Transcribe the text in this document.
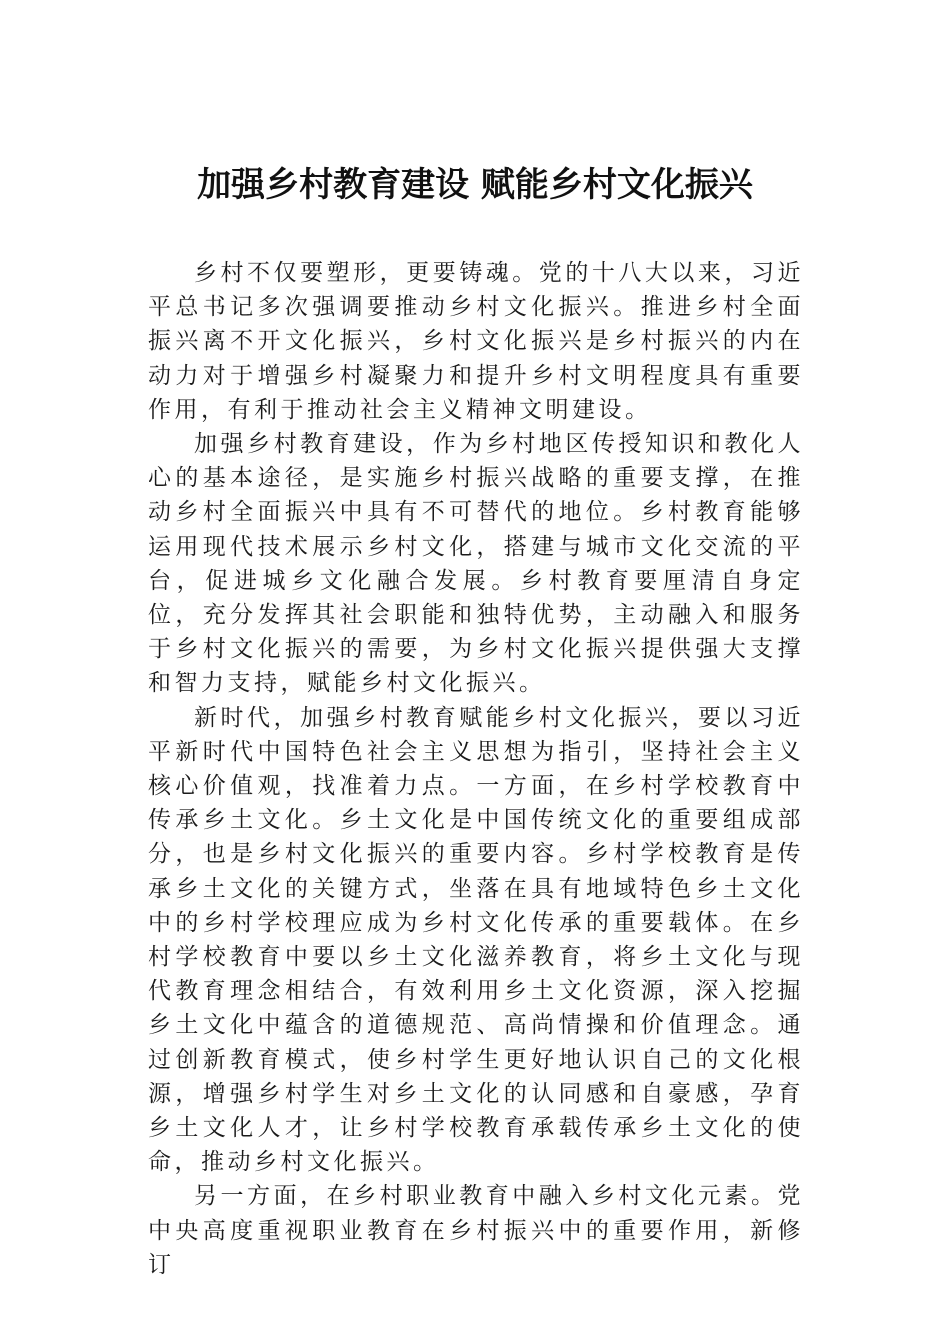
加强乡村教育建设 赋能乡村文化振兴

乡村不仅要塑形，更要铸魂。党的十八大以来，习近平总书记多次强调要推动乡村文化振兴。推进乡村全面振兴离不开文化振兴，乡村文化振兴是乡村振兴的内在动力对于增强乡村凝聚力和提升乡村文明程度具有重要作用，有利于推动社会主义精神文明建设。

加强乡村教育建设，作为乡村地区传授知识和教化人心的基本途径，是实施乡村振兴战略的重要支撑，在推动乡村全面振兴中具有不可替代的地位。乡村教育能够运用现代技术展示乡村文化，搭建与城市文化交流的平台，促进城乡文化融合发展。乡村教育要厘清自身定位，充分发挥其社会职能和独特优势，主动融入和服务于乡村文化振兴的需要，为乡村文化振兴提供强大支撑和智力支持，赋能乡村文化振兴。

新时代，加强乡村教育赋能乡村文化振兴，要以习近平新时代中国特色社会主义思想为指引，坚持社会主义核心价值观，找准着力点。一方面，在乡村学校教育中传承乡土文化。乡土文化是中国传统文化的重要组成部分，也是乡村文化振兴的重要内容。乡村学校教育是传承乡土文化的关键方式，坐落在具有地域特色乡土文化中的乡村学校理应成为乡村文化传承的重要载体。在乡村学校教育中要以乡土文化滋养教育，将乡土文化与现代教育理念相结合，有效利用乡土文化资源，深入挖掘乡土文化中蕴含的道德规范、高尚情操和价值理念。通过创新教育模式，使乡村学生更好地认识自己的文化根源，增强乡村学生对乡土文化的认同感和自豪感，孕育乡土文化人才，让乡村学校教育承载传承乡土文化的使命，推动乡村文化振兴。

另一方面，在乡村职业教育中融入乡村文化元素。党中央高度重视职业教育在乡村振兴中的重要作用，新修订
